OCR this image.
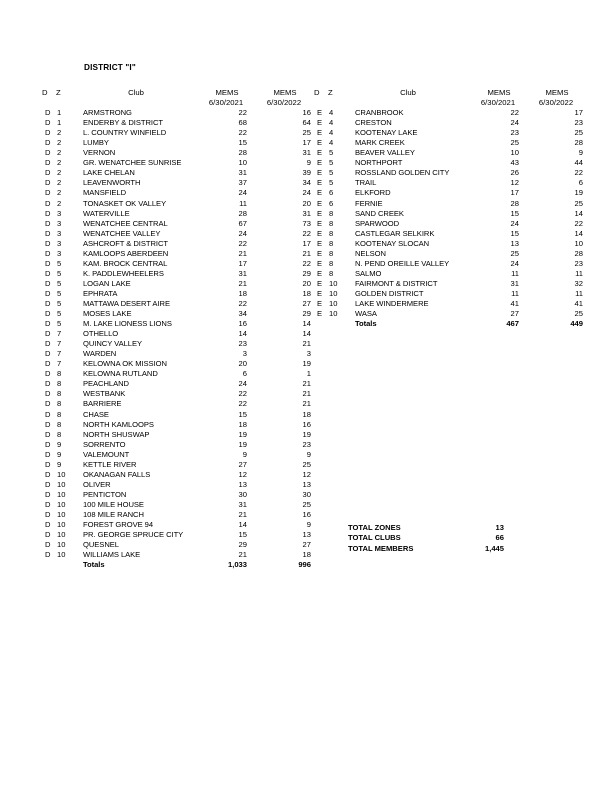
DISTRICT "I"
D	Z	Club	MEMS	MEMS
			6/30/2021	6/30/2022
D	1	ARMSTRONG	22	16
D	1	ENDERBY & DISTRICT	68	64
D	2	L. COUNTRY WINFIELD	22	25
D	2	LUMBY	15	17
D	2	VERNON	28	31
D	2	GR. WENATCHEE SUNRISE	10	9
D	2	LAKE CHELAN	31	39
D	2	LEAVENWORTH	37	34
D	2	MANSFIELD	24	24
D	2	TONASKET OK VALLEY	11	20
D	3	WATERVILLE	28	31
D	3	WENATCHEE CENTRAL	67	73
D	3	WENATCHEE VALLEY	24	22
D	3	ASHCROFT & DISTRICT	22	17
D	3	KAMLOOPS ABERDEEN	21	21
D	5	KAM. BROCK CENTRAL	17	22
D	5	K. PADDLEWHEELERS	31	29
D	5	LOGAN LAKE	21	20
D	5	EPHRATA	18	18
D	5	MATTAWA DESERT AIRE	22	27
D	5	MOSES LAKE	34	29
D	5	M. LAKE LIONESS LIONS	16	14
D	7	OTHELLO	14	14
D	7	QUINCY VALLEY	23	21
D	7	WARDEN	3	3
D	7	KELOWNA OK MISSION	20	19
D	8	KELOWNA RUTLAND	6	1
D	8	PEACHLAND	24	21
D	8	WESTBANK	22	21
D	8	BARRIERE	22	21
D	8	CHASE	15	18
D	8	NORTH KAMLOOPS	18	16
D	8	NORTH SHUSWAP	19	19
D	9	SORRENTO	19	23
D	9	VALEMOUNT	9	9
D	9	KETTLE RIVER	27	25
D	10	OKANAGAN FALLS	12	12
D	10	OLIVER	13	13
D	10	PENTICTON	30	30
D	10	100 MILE HOUSE	31	25
D	10	108 MILE RANCH	21	16
D	10	FOREST GROVE 94	14	9
D	10	PR. GEORGE SPRUCE CITY	15	13
D	10	QUESNEL	29	27
D	10	WILLIAMS LAKE	21	18
		Totals	1,033	996
D	Z	Club	MEMS	MEMS
			6/30/2021	6/30/2022
E	4	CRANBROOK	22	17
E	4	CRESTON	24	23
E	4	KOOTENAY LAKE	23	25
E	4	MARK CREEK	25	28
E	5	BEAVER VALLEY	10	9
E	5	NORTHPORT	43	44
E	5	ROSSLAND GOLDEN CITY	26	22
E	5	TRAIL	12	6
E	6	ELKFORD	17	19
E	6	FERNIE	28	25
E	8	SAND CREEK	15	14
E	8	SPARWOOD	24	22
E	8	CASTLEGAR SELKIRK	15	14
E	8	KOOTENAY SLOCAN	13	10
E	8	NELSON	25	28
E	8	N. PEND OREILLE VALLEY	24	23
E	8	SALMO	11	11
E	10	FAIRMONT & DISTRICT	31	32
E	10	GOLDEN DISTRICT	11	11
E	10	LAKE WINDERMERE	41	41
E	10	WASA	27	25
		Totals	467	449
TOTAL ZONES	13
TOTAL CLUBS	66
TOTAL MEMBERS	1,445
